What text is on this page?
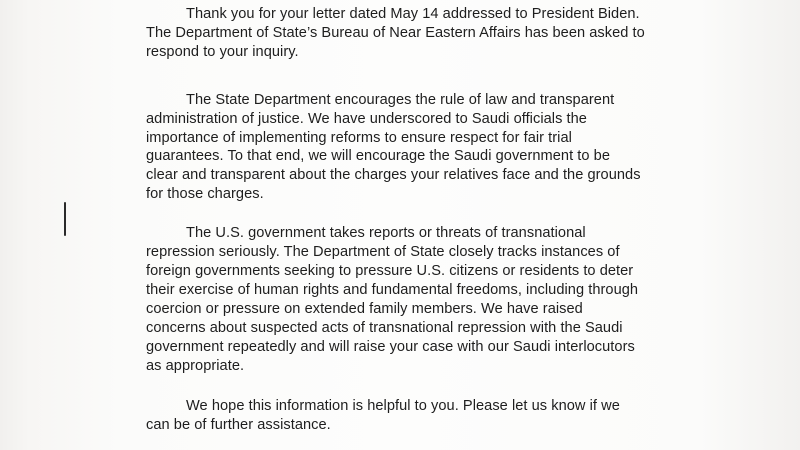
Thank you for your letter dated May 14 addressed to President Biden.
The Department of State’s Bureau of Near Eastern Affairs has been asked to
respond to your inquiry.
The State Department encourages the rule of law and transparent
administration of justice. We have underscored to Saudi officials the
importance of implementing reforms to ensure respect for fair trial
guarantees. To that end, we will encourage the Saudi government to be
clear and transparent about the charges your relatives face and the grounds
for those charges.
The U.S. government takes reports or threats of transnational
repression seriously. The Department of State closely tracks instances of
foreign governments seeking to pressure U.S. citizens or residents to deter
their exercise of human rights and fundamental freedoms, including through
coercion or pressure on extended family members. We have raised
concerns about suspected acts of transnational repression with the Saudi
government repeatedly and will raise your case with our Saudi interlocutors
as appropriate.
We hope this information is helpful to you. Please let us know if we
can be of further assistance.
